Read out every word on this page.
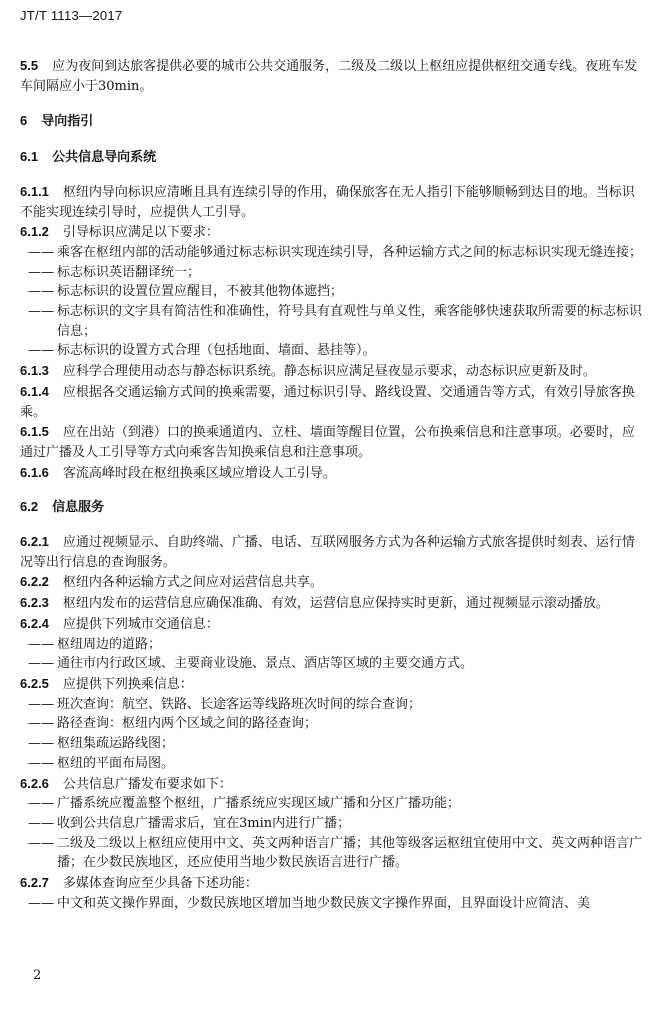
JT/T 1113—2017

5.5 应为夜间到达旅客提供必要的城市公共交通服务，二级及二级以上枢纽应提供枢纽交通专线。夜班车发车间隔应小于30min。

6 导向指引

6.1 公共信息导向系统

6.1.1 枢纽内导向标识应清晰且具有连续引导的作用，确保旅客在无人指引下能够顺畅到达目的地。当标识不能实现连续引导时，应提供人工引导。

6.1.2 引导标识应满足以下要求：

—— 乘客在枢纽内部的活动能够通过标志标识实现连续引导，各种运输方式之间的标志标识实现无缝连接；

—— 标志标识英语翻译统一；

—— 标志标识的设置位置应醒目，不被其他物体遮挡；

—— 标志标识的文字具有简洁性和准确性，符号具有直观性与单义性，乘客能够快速获取所需要的标志标识信息；

—— 标志标识的设置方式合理（包括地面、墙面、悬挂等）。

6.1.3 应科学合理使用动态与静态标识系统。静态标识应满足昼夜显示要求，动态标识应更新及时。

6.1.4 应根据各交通运输方式间的换乘需要，通过标识引导、路线设置、交通通告等方式，有效引导旅客换乘。

6.1.5 应在出站（到港）口的换乘通道内、立柱、墙面等醒目位置，公布换乘信息和注意事项。必要时，应通过广播及人工引导等方式向乘客告知换乘信息和注意事项。

6.1.6 客流高峰时段在枢纽换乘区域应增设人工引导。

6.2 信息服务

6.2.1 应通过视频显示、自助终端、广播、电话、互联网服务方式为各种运输方式旅客提供时刻表、运行情况等出行信息的查询服务。

6.2.2 枢纽内各种运输方式之间应对运营信息共享。

6.2.3 枢纽内发布的运营信息应确保准确、有效，运营信息应保持实时更新，通过视频显示滚动播放。

6.2.4 应提供下列城市交通信息：

—— 枢纽周边的道路；

—— 通往市内行政区域、主要商业设施、景点、酒店等区域的主要交通方式。

6.2.5 应提供下列换乘信息：

—— 班次查询：航空、铁路、长途客运等线路班次时间的综合查询；

—— 路径查询：枢纽内两个区域之间的路径查询；

—— 枢纽集疏运路线图；

—— 枢纽的平面布局图。

6.2.6 公共信息广播发布要求如下：

—— 广播系统应覆盖整个枢纽，广播系统应实现区域广播和分区广播功能；

—— 收到公共信息广播需求后，宜在3min内进行广播；

—— 二级及二级以上枢纽应使用中文、英文两种语言广播；其他等级客运枢纽宜使用中文、英文两种语言广播；在少数民族地区，还应使用当地少数民族语言进行广播。

6.2.7 多媒体查询应至少具备下述功能：

—— 中文和英文操作界面，少数民族地区增加当地少数民族文字操作界面，且界面设计应简洁、美

2
